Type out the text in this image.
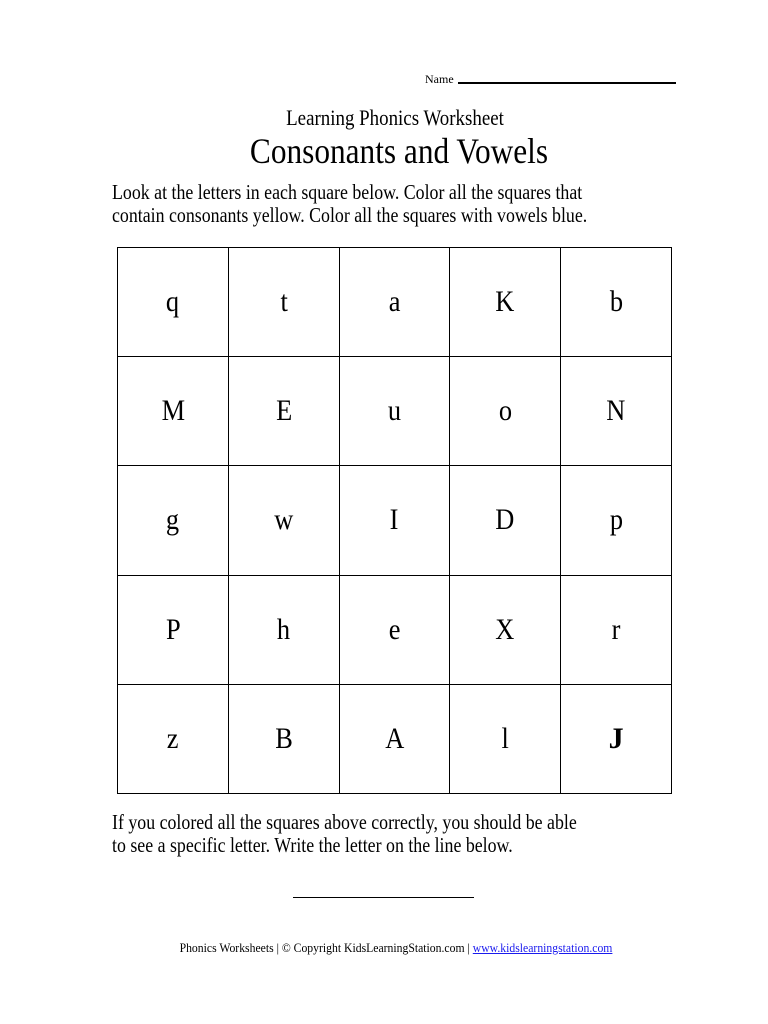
Name
Learning Phonics Worksheet
Consonants and Vowels

Look at the letters in each square below. Color all the squares that

contain consonants yellow. Color all the squares with vowels blue.

q	t	a	K	b
M	E	u	o	N
g	w	I	D	p
P	h	e	X	r
z	B	A	l	J

If you colored all the squares above correctly, you should be able

to see a specific letter. Write the letter on the line below.

Phonics Worksheets | © Copyright KidsLearningStation.com | www.kidslearningstation.com
